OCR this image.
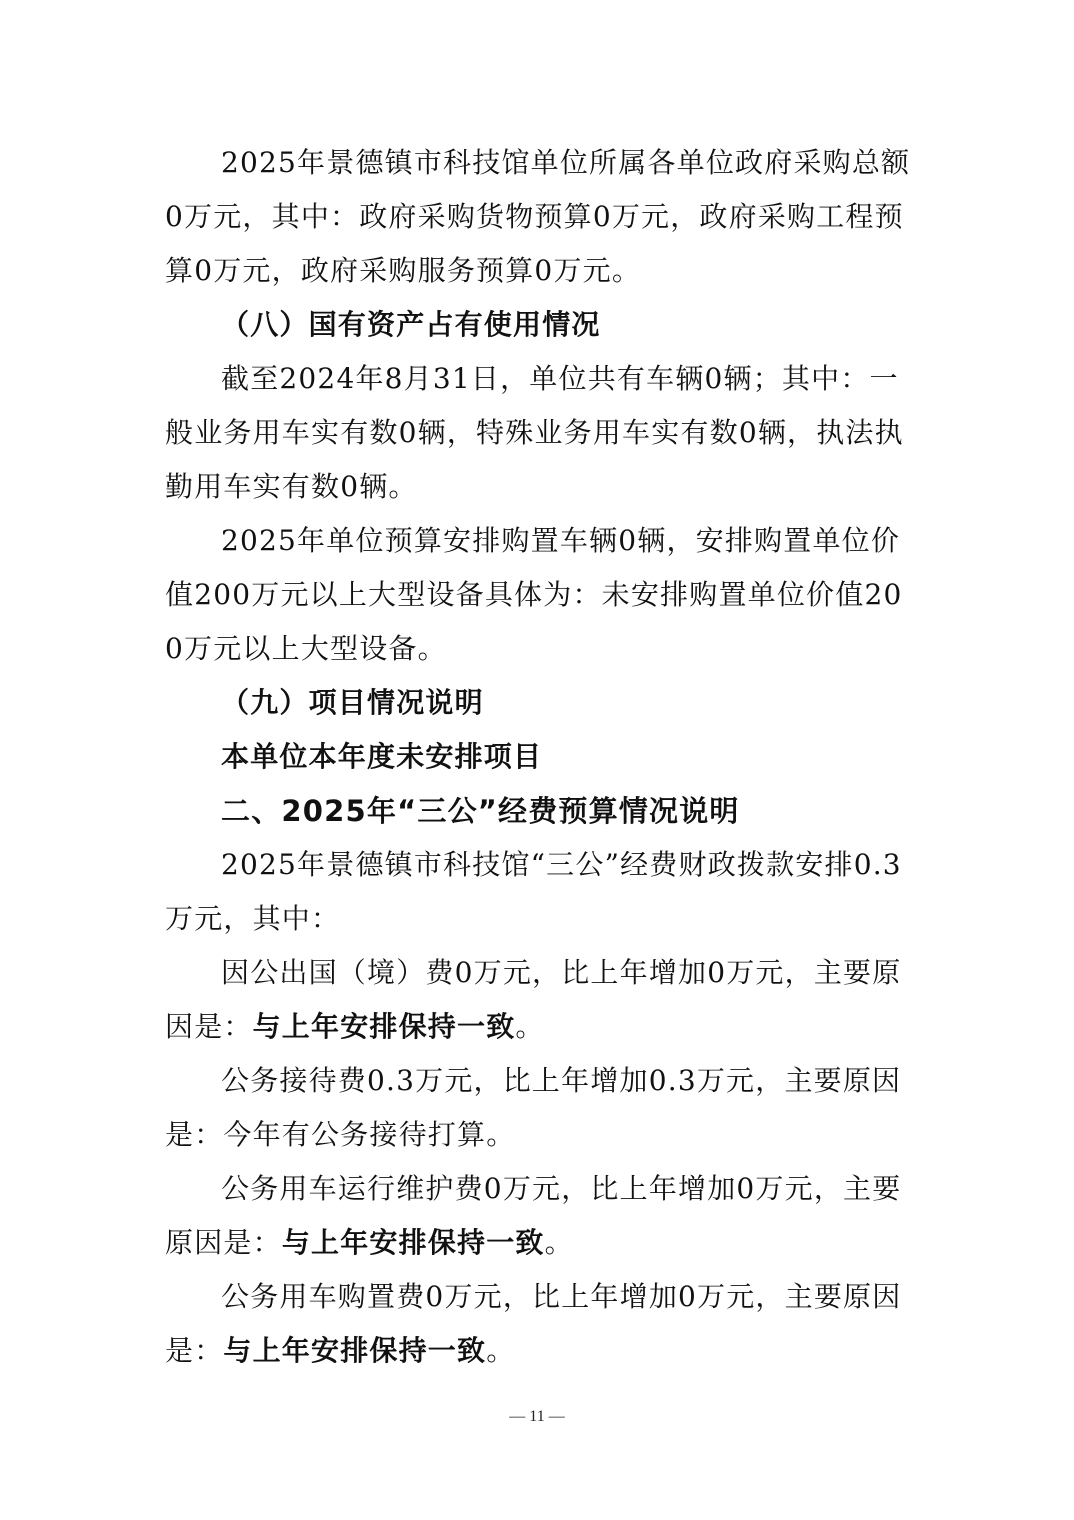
2025年景德镇市科技馆单位所属各单位政府采购总额0万元，其中：政府采购货物预算0万元，政府采购工程预算0万元，政府采购服务预算0万元。

（八）国有资产占有使用情况

截至2024年8月31日，单位共有车辆0辆；其中：一般业务用车实有数0辆，特殊业务用车实有数0辆，执法执勤用车实有数0辆。

2025年单位预算安排购置车辆0辆，安排购置单位价值200万元以上大型设备具体为：未安排购置单位价值200万元以上大型设备。

（九）项目情况说明

本单位本年度未安排项目

二、2025年“三公”经费预算情况说明

2025年景德镇市科技馆“三公”经费财政拨款安排0.3万元，其中：

因公出国（境）费0万元，比上年增加0万元，主要原因是：与上年安排保持一致。

公务接待费0.3万元，比上年增加0.3万元，主要原因是：今年有公务接待打算。

公务用车运行维护费0万元，比上年增加0万元，主要原因是：与上年安排保持一致。

公务用车购置费0万元，比上年增加0万元，主要原因是：与上年安排保持一致。

— 11 —
